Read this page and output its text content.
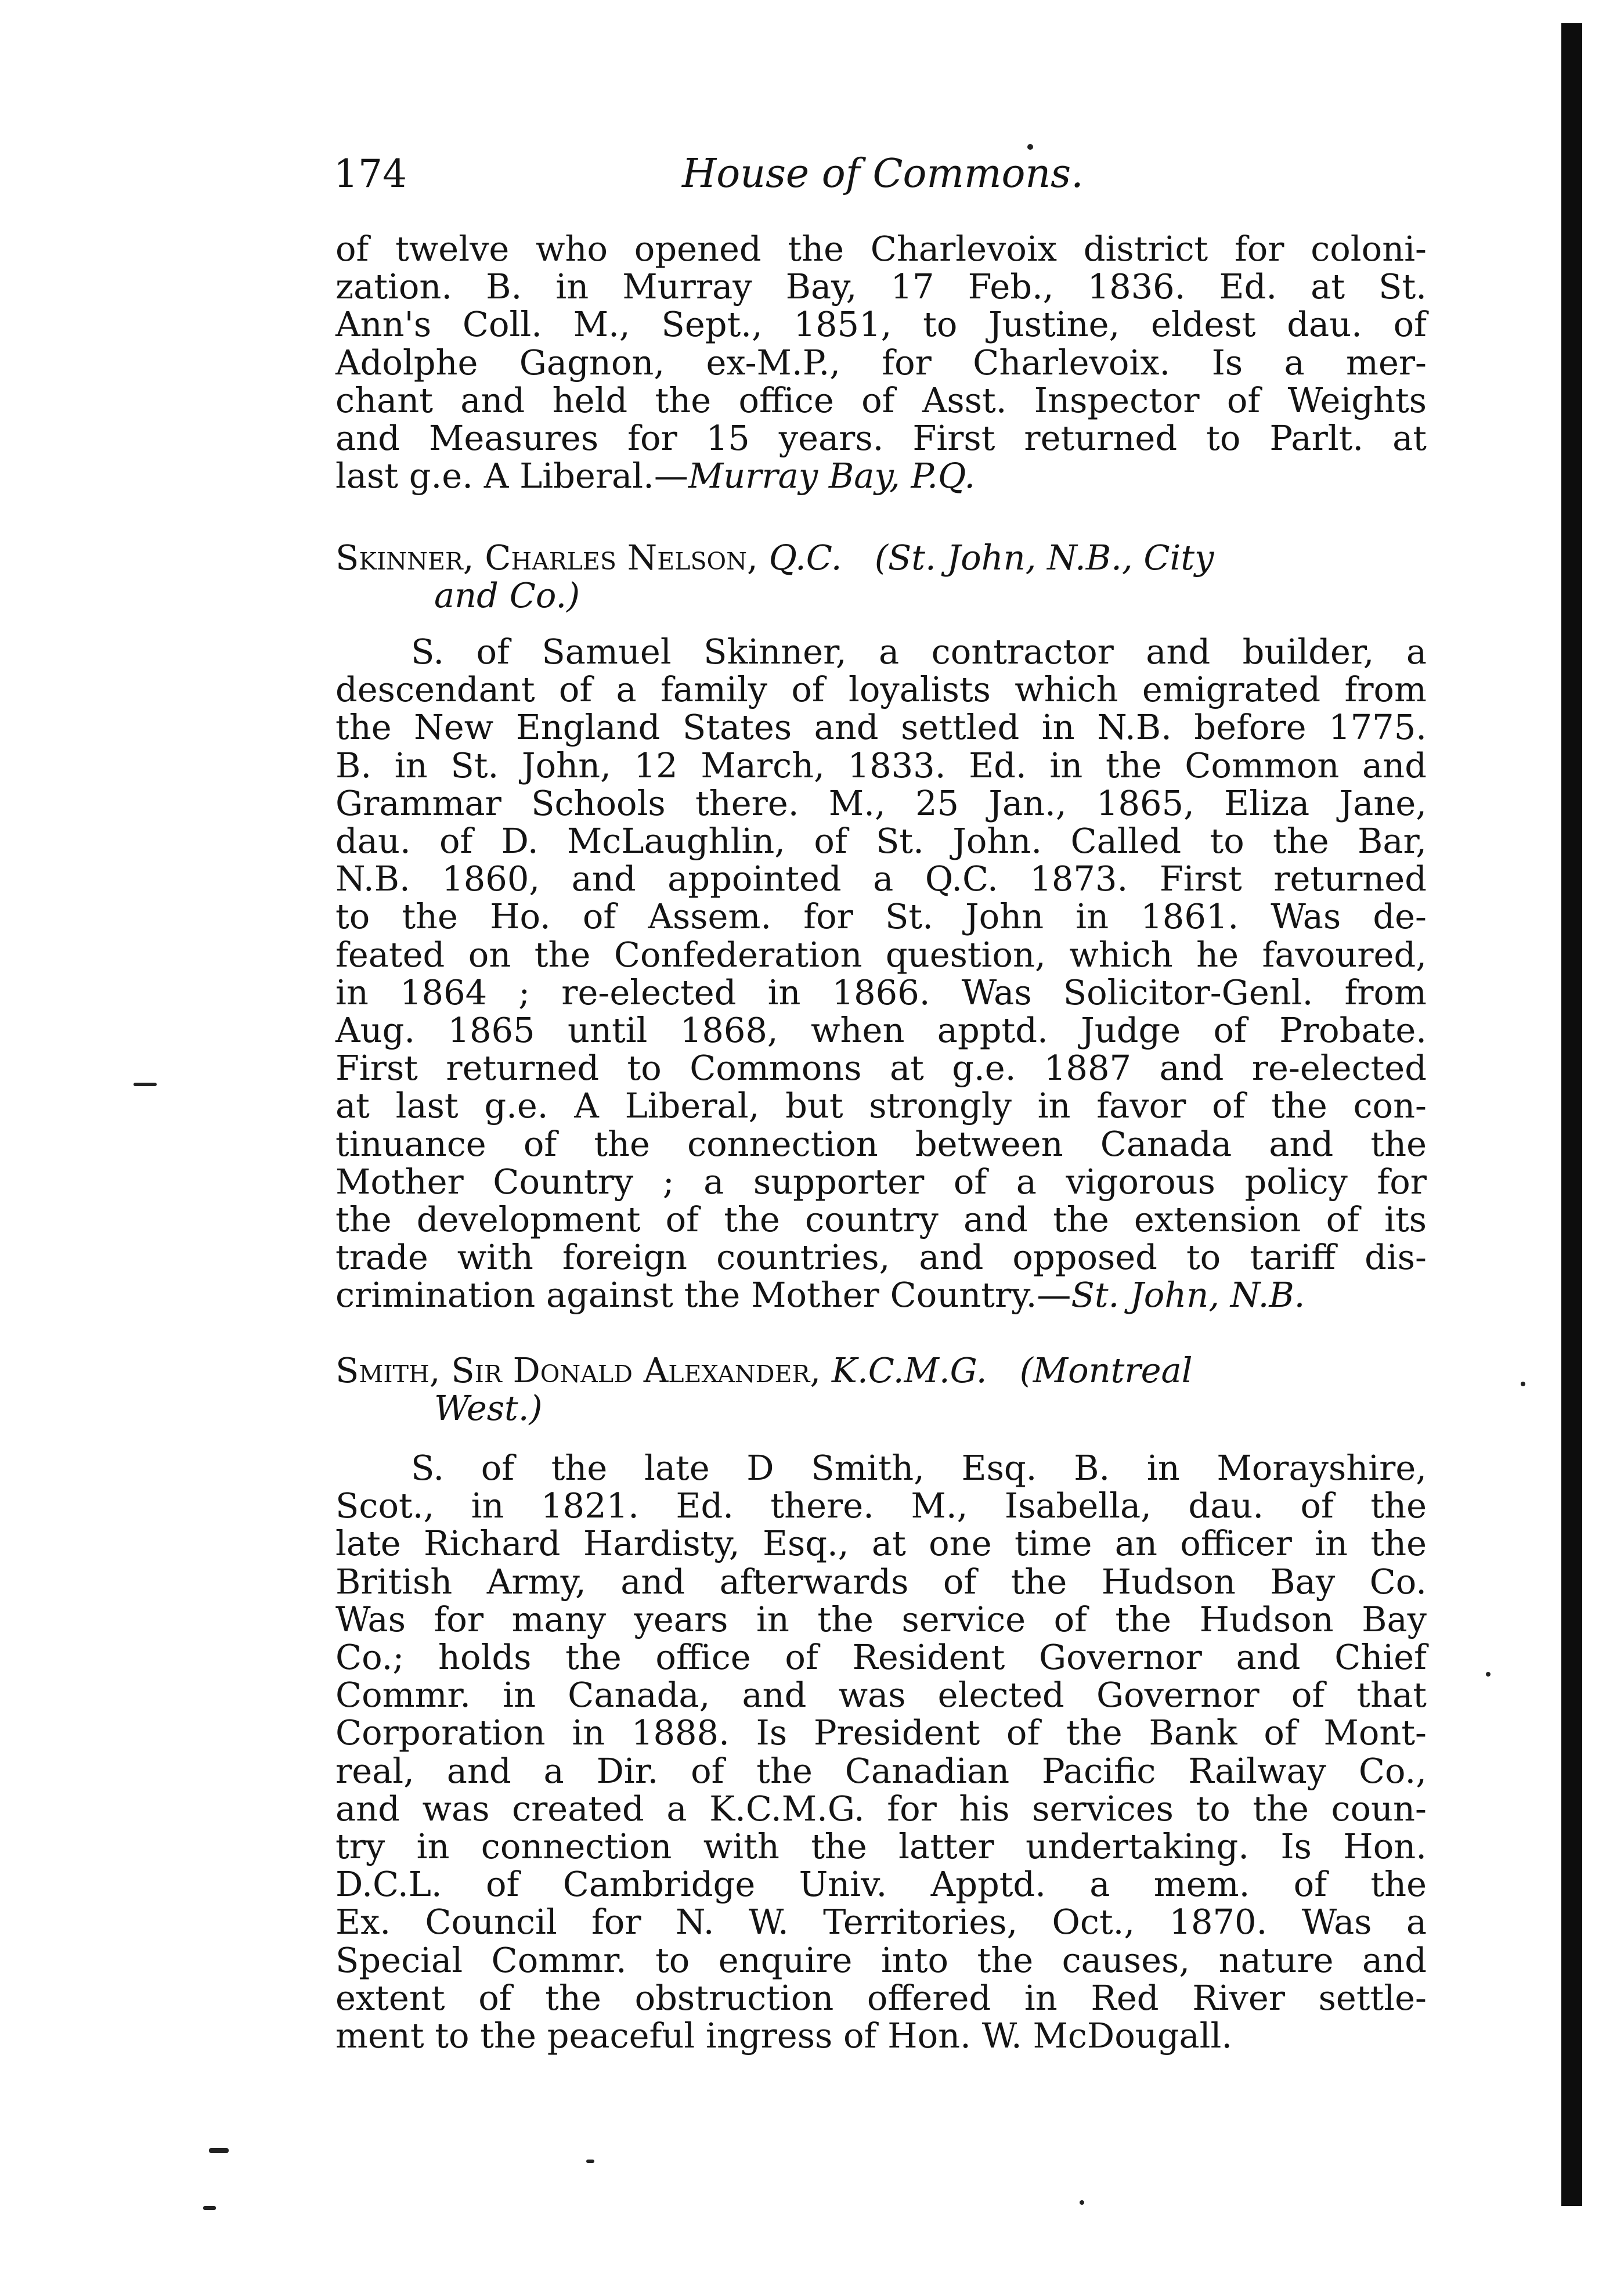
174	House of Commons.
of twelve who opened the Charlevoix district for coloni-
zation. B. in Murray Bay, 17 Feb., 1836. Ed. at St.
Ann's Coll. M., Sept., 1851, to Justine, eldest dau. of
Adolphe Gagnon, ex-M.P., for Charlevoix. Is a mer-
chant and held the office of Asst. Inspector of Weights
and Measures for 15 years. First returned to Parlt. at
last g.e. A Liberal.—Murray Bay, P.Q.
Skinner, Charles Nelson, Q.C. (St. John, N.B., City
and Co.)
S. of Samuel Skinner, a contractor and builder, a
descendant of a family of loyalists which emigrated from
the New England States and settled in N.B. before 1775.
B. in St. John, 12 March, 1833. Ed. in the Common and
Grammar Schools there. M., 25 Jan., 1865, Eliza Jane,
dau. of D. McLaughlin, of St. John. Called to the Bar,
N.B. 1860, and appointed a Q.C. 1873. First returned
to the Ho. of Assem. for St. John in 1861. Was de-
feated on the Confederation question, which he favoured,
in 1864 ; re-elected in 1866. Was Solicitor-Genl. from
Aug. 1865 until 1868, when apptd. Judge of Probate.
First returned to Commons at g.e. 1887 and re-elected
at last g.e. A Liberal, but strongly in favor of the con-
tinuance of the connection between Canada and the
Mother Country ; a supporter of a vigorous policy for
the development of the country and the extension of its
trade with foreign countries, and opposed to tariff dis-
crimination against the Mother Country.—St. John, N.B.
Smith, Sir Donald Alexander, K.C.M.G. (Montreal
West.)
S. of the late D Smith, Esq. B. in Morayshire,
Scot., in 1821. Ed. there. M., Isabella, dau. of the
late Richard Hardisty, Esq., at one time an officer in the
British Army, and afterwards of the Hudson Bay Co.
Was for many years in the service of the Hudson Bay
Co.; holds the office of Resident Governor and Chief
Commr. in Canada, and was elected Governor of that
Corporation in 1888. Is President of the Bank of Mont-
real, and a Dir. of the Canadian Pacific Railway Co.,
and was created a K.C.M.G. for his services to the coun-
try in connection with the latter undertaking. Is Hon.
D.C.L. of Cambridge Univ. Apptd. a mem. of the
Ex. Council for N. W. Territories, Oct., 1870. Was a
Special Commr. to enquire into the causes, nature and
extent of the obstruction offered in Red River settle-
ment to the peaceful ingress of Hon. W. McDougall.
